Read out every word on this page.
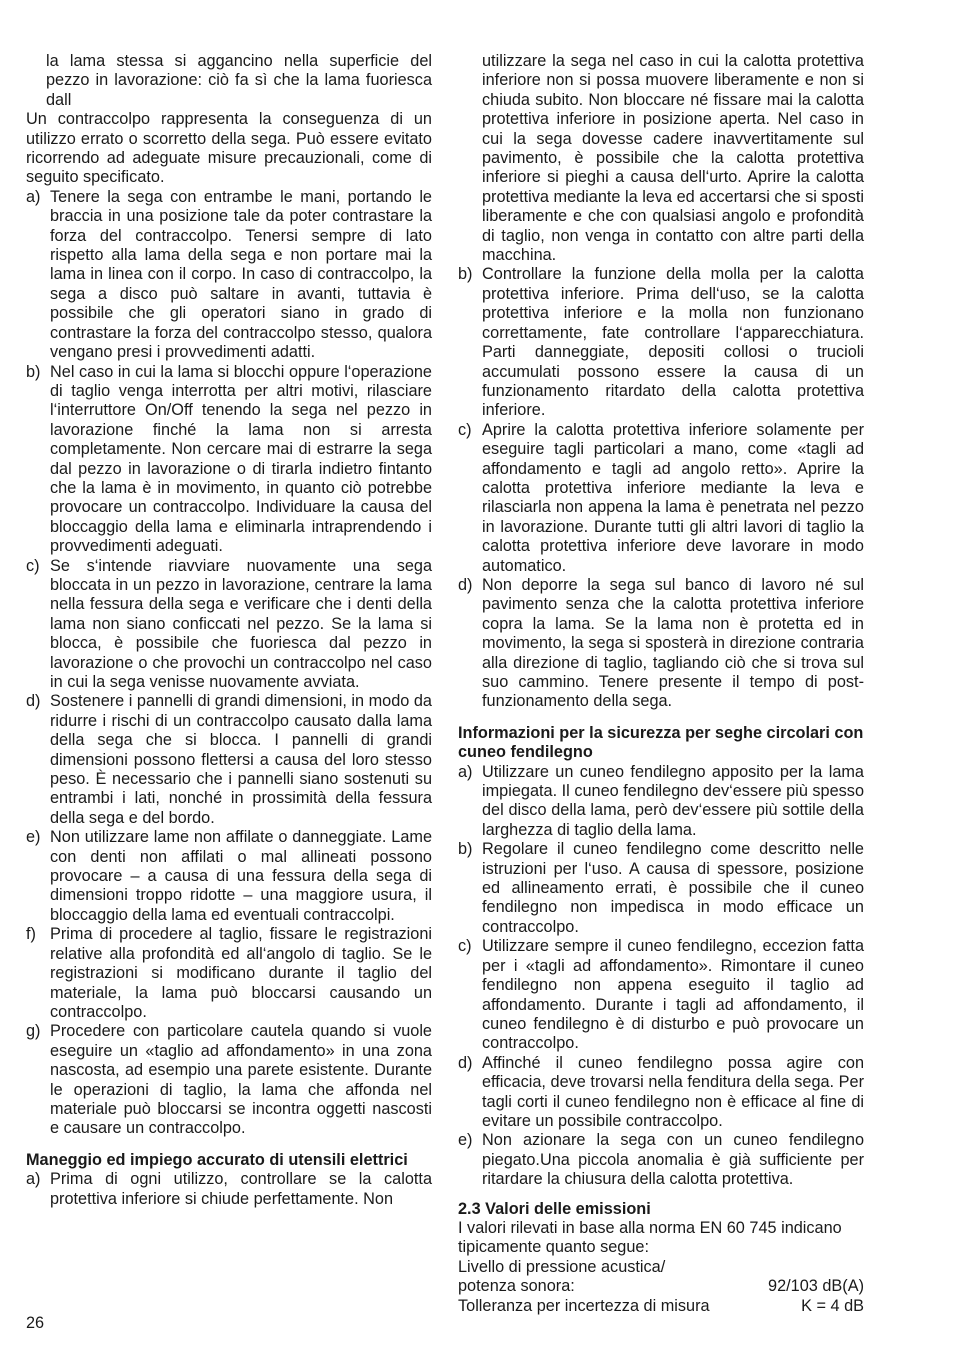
la lama stessa si aggancino nella superficie del pezzo in lavorazione: ciò fa sì che la lama fuoriesca dall

Un contraccolpo rappresenta la conseguenza di un utilizzo errato o scorretto della sega. Può essere evitato ricorrendo ad adeguate misure precauzionali, come di seguito specificato.

a) Tenere la sega con entrambe le mani, portando le braccia in una posizione tale da poter contrastare la forza del contraccolpo. Tenersi sempre di lato rispetto alla lama della sega e non portare mai la lama in linea con il corpo. In caso di contraccolpo, la sega a disco può saltare in avanti, tuttavia è possibile che gli operatori siano in grado di contrastare la forza del contraccolpo stesso, qualora vengano presi i provvedimenti adatti.
b) Nel caso in cui la lama si blocchi oppure l‘operazione di taglio venga interrotta per altri motivi, rilasciare l‘interruttore On/Off tenendo la sega nel pezzo in lavorazione finché la lama non si arresta completamente. Non cercare mai di estrarre la sega dal pezzo in lavorazione o di tirarla indietro fintanto che la lama è in movimento, in quanto ciò potrebbe provocare un contraccolpo. Individuare la causa del bloccaggio della lama e eliminarla intraprendendo i provvedimenti adeguati.
c) Se s‘intende riavviare nuovamente una sega bloccata in un pezzo in lavorazione, centrare la lama nella fessura della sega e verificare che i denti della lama non siano conficcati nel pezzo. Se la lama si blocca, è possibile che fuoriesca dal pezzo in lavorazione o che provochi un contraccolpo nel caso in cui la sega venisse nuovamente avviata.
d) Sostenere i pannelli di grandi dimensioni, in modo da ridurre i rischi di un contraccolpo causato dalla lama della sega che si blocca. I pannelli di grandi dimensioni possono flettersi a causa del loro stesso peso. È necessario che i pannelli siano sostenuti su entrambi i lati, nonché in prossimità della fessura della sega e del bordo.
e) Non utilizzare lame non affilate o danneggiate. Lame con denti non affilati o mal allineati possono provocare – a causa di una fessura della sega di dimensioni troppo ridotte – una maggiore usura, il bloccaggio della lama ed eventuali contraccolpi.
f) Prima di procedere al taglio, fissare le registrazioni relative alla profondità ed all‘angolo di taglio. Se le registrazioni si modificano durante il taglio del materiale, la lama può bloccarsi causando un contraccolpo.
g) Procedere con particolare cautela quando si vuole eseguire un «taglio ad affondamento» in una zona nascosta, ad esempio una parete esistente. Durante le operazioni di taglio, la lama che affonda nel materiale può bloccarsi se incontra oggetti nascosti e causare un contraccolpo.

Maneggio ed impiego accurato di utensili elettrici

a) Prima di ogni utilizzo, controllare se la calotta protettiva inferiore si chiude perfettamente. Non

utilizzare la sega nel caso in cui la calotta protettiva inferiore non si possa muovere liberamente e non si chiuda subito. Non bloccare né fissare mai la calotta protettiva inferiore in posizione aperta. Nel caso in cui la sega dovesse cadere inavvertitamente sul pavimento, è possibile che la calotta protettiva inferiore si pieghi a causa dell‘urto. Aprire la calotta protettiva mediante la leva ed accertarsi che si sposti liberamente e che con qualsiasi angolo e profondità di taglio, non venga in contatto con altre parti della macchina.

b) Controllare la funzione della molla per la calotta protettiva inferiore. Prima dell‘uso, se la calotta protettiva inferiore e la molla non funzionano correttamente, fate controllare l‘apparecchiatura. Parti danneggiate, depositi collosi o trucioli accumulati possono essere la causa di un funzionamento ritardato della calotta protettiva inferiore.
c) Aprire la calotta protettiva inferiore solamente per eseguire tagli particolari a mano, come «tagli ad affondamento e tagli ad angolo retto». Aprire la calotta protettiva inferiore mediante la leva e rilasciarla non appena la lama è penetrata nel pezzo in lavorazione. Durante tutti gli altri lavori di taglio la calotta protettiva inferiore deve lavorare in modo automatico.
d) Non deporre la sega sul banco di lavoro né sul pavimento senza che la calotta protettiva inferiore copra la lama. Se la lama non è protetta ed in movimento, la sega si sposterà in direzione contraria alla direzione di taglio, tagliando ciò che si trova sul suo cammino. Tenere presente il tempo di post-funzionamento della sega.

Informazioni per la sicurezza per seghe circolari con cuneo fendilegno

a) Utilizzare un cuneo fendilegno apposito per la lama impiegata. Il cuneo fendilegno dev‘essere più spesso del disco della lama, però dev‘essere più sottile della larghezza di taglio della lama.
b) Regolare il cuneo fendilegno come descritto nelle istruzioni per l‘uso. A causa di spessore, posizione ed allineamento errati, è possibile che il cuneo fendilegno non impedisca in modo efficace un contraccolpo.
c) Utilizzare sempre il cuneo fendilegno, eccezion fatta per i «tagli ad affondamento». Rimontare il cuneo fendilegno non appena eseguito il taglio ad affondamento. Durante i tagli ad affondamento, il cuneo fendilegno è di disturbo e può provocare un contraccolpo.
d) Affinché il cuneo fendilegno possa agire con efficacia, deve trovarsi nella fenditura della sega. Per tagli corti il cuneo fendilegno non è efficace al fine di evitare un possibile contraccolpo.
e) Non azionare la sega con un cuneo fendilegno piegato.Una piccola anomalia è già sufficiente per ritardare la chiusura della calotta protettiva.

2.3 Valori delle emissioni

I valori rilevati in base alla norma EN 60 745 indicano tipicamente quanto segue:

Livello di pressione acustica/
potenza sonora:	92/103 dB(A)
Tolleranza per incertezza di misura	K = 4 dB
26
